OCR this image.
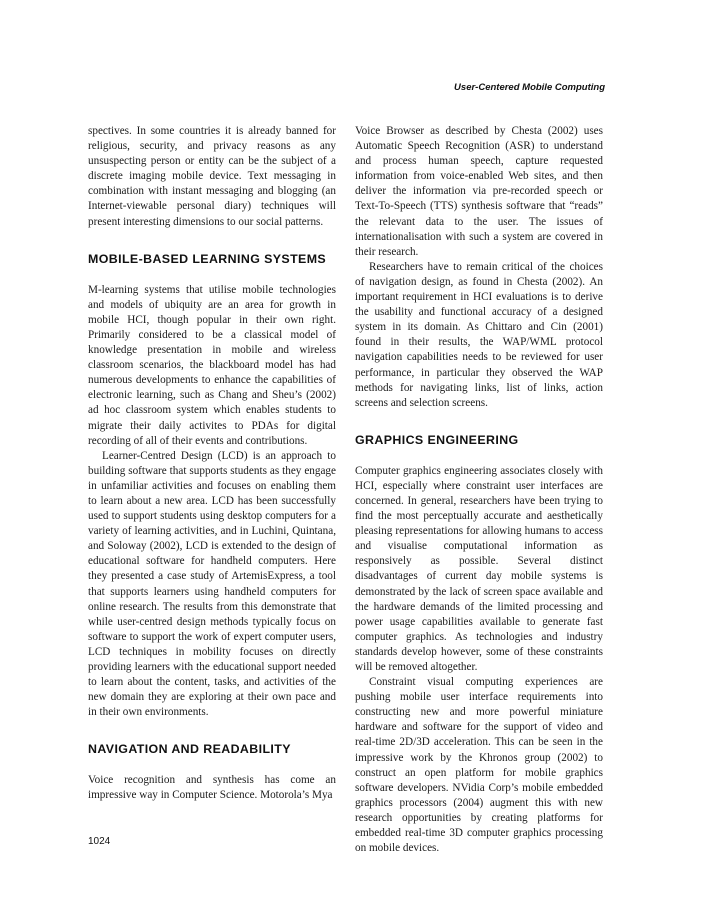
User-Centered Mobile Computing

spectives. In some countries it is already banned for religious, security, and privacy reasons as any unsuspecting person or entity can be the subject of a discrete imaging mobile device. Text messaging in combination with instant messaging and blogging (an Internet-viewable personal diary) techniques will present interesting dimensions to our social patterns.

MOBILE-BASED LEARNING SYSTEMS

M-learning systems that utilise mobile technologies and models of ubiquity are an area for growth in mobile HCI, though popular in their own right. Primarily considered to be a classical model of knowledge presentation in mobile and wireless classroom scenarios, the blackboard model has had numerous developments to enhance the capabilities of electronic learning, such as Chang and Sheu’s (2002) ad hoc classroom system which enables students to migrate their daily activites to PDAs for digital recording of all of their events and contributions.

Learner-Centred Design (LCD) is an approach to building software that supports students as they engage in unfamiliar activities and focuses on enabling them to learn about a new area. LCD has been successfully used to support students using desktop computers for a variety of learning activities, and in Luchini, Quintana, and Soloway (2002), LCD is extended to the design of educational software for handheld computers. Here they presented a case study of ArtemisExpress, a tool that supports learners using handheld computers for online research. The results from this demonstrate that while user-centred design methods typically focus on software to support the work of expert computer users, LCD techniques in mobility focuses on directly providing learners with the educational support needed to learn about the content, tasks, and activities of the new domain they are exploring at their own pace and in their own environments.

NAVIGATION AND READABILITY

Voice recognition and synthesis has come an impressive way in Computer Science. Motorola’s Mya

Voice Browser as described by Chesta (2002) uses Automatic Speech Recognition (ASR) to understand and process human speech, capture requested information from voice-enabled Web sites, and then deliver the information via pre-recorded speech or Text-To-Speech (TTS) synthesis software that “reads” the relevant data to the user. The issues of internationalisation with such a system are covered in their research.

Researchers have to remain critical of the choices of navigation design, as found in Chesta (2002). An important requirement in HCI evaluations is to derive the usability and functional accuracy of a designed system in its domain. As Chittaro and Cin (2001) found in their results, the WAP/WML protocol navigation capabilities needs to be reviewed for user performance, in particular they observed the WAP methods for navigating links, list of links, action screens and selection screens.

GRAPHICS ENGINEERING

Computer graphics engineering associates closely with HCI, especially where constraint user interfaces are concerned. In general, researchers have been trying to find the most perceptually accurate and aesthetically pleasing representations for allowing humans to access and visualise computational information as responsively as possible. Several distinct disadvantages of current day mobile systems is demonstrated by the lack of screen space available and the hardware demands of the limited processing and power usage capabilities available to generate fast computer graphics. As technologies and industry standards develop however, some of these constraints will be removed altogether.

Constraint visual computing experiences are pushing mobile user interface requirements into constructing new and more powerful miniature hardware and software for the support of video and real-time 2D/3D acceleration. This can be seen in the impressive work by the Khronos group (2002) to construct an open platform for mobile graphics software developers. NVidia Corp’s mobile embedded graphics processors (2004) augment this with new research opportunities by creating platforms for embedded real-time 3D computer graphics processing on mobile devices.

1024
